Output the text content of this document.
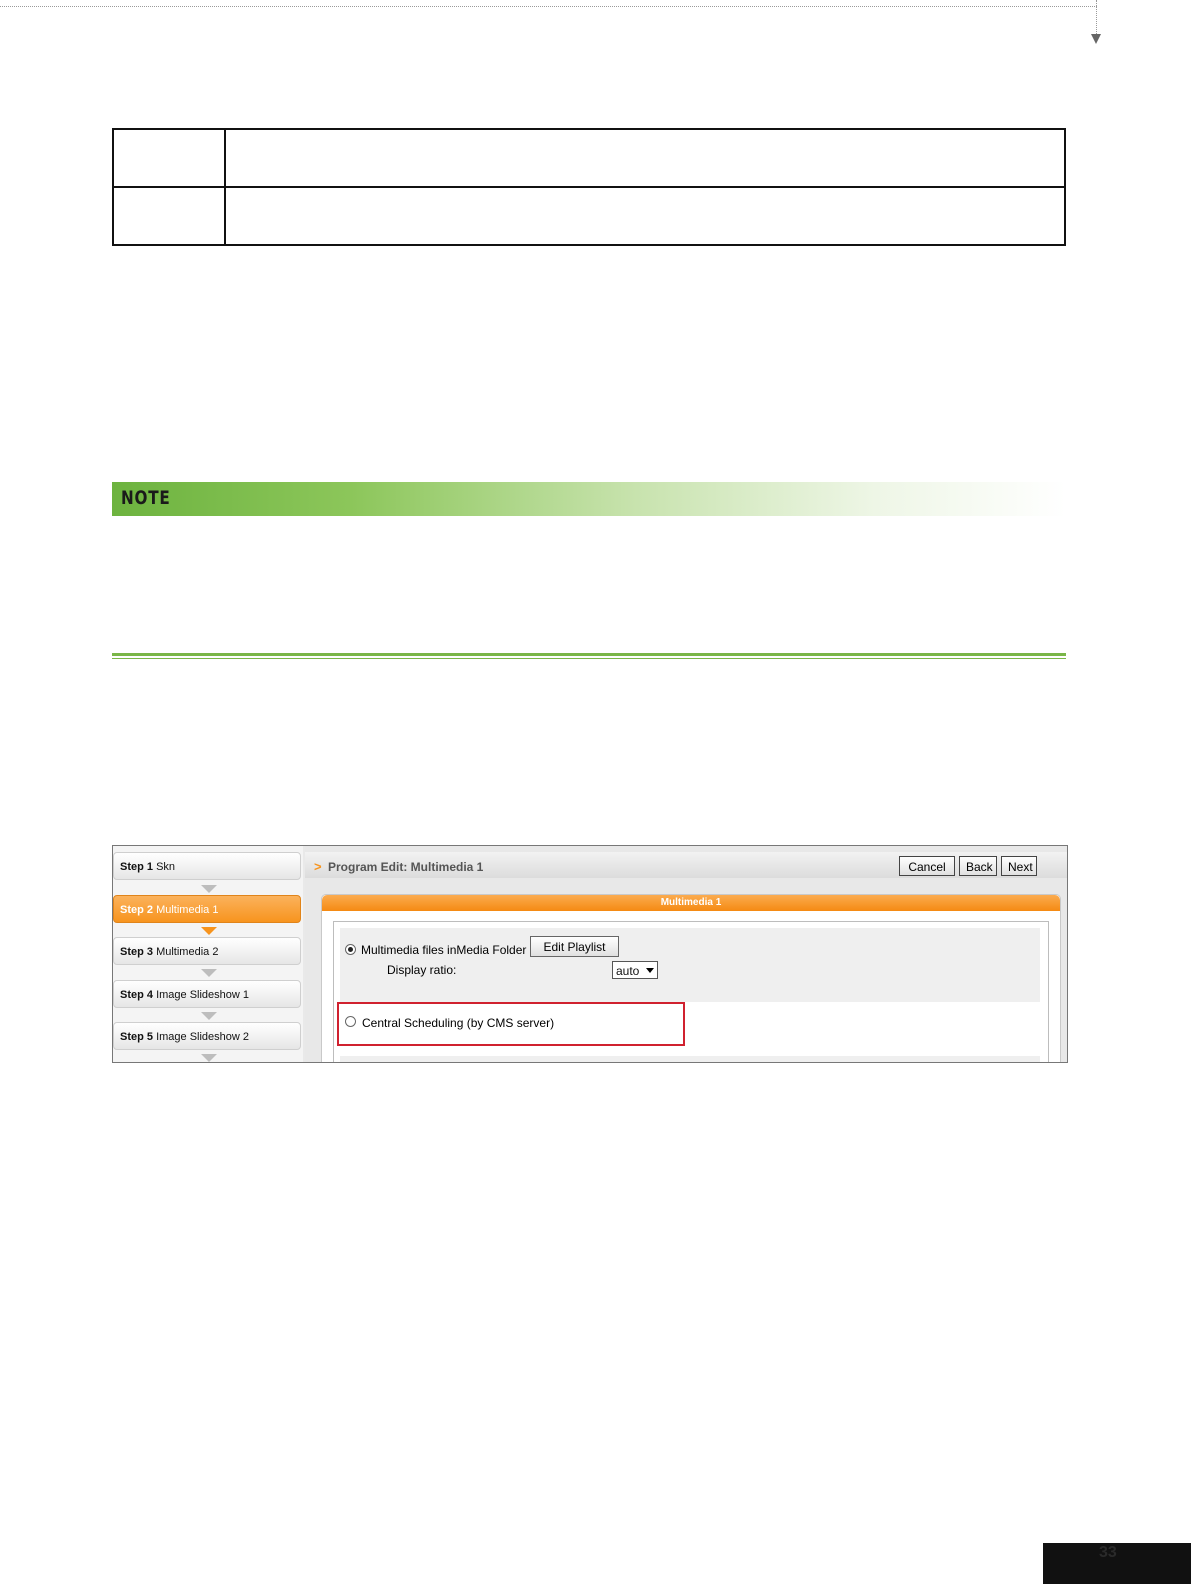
NOTE
Step 1 Skn
Step 2 Multimedia 1
Step 3 Multimedia 2
Step 4 Image Slideshow 1
Step 5 Image Slideshow 2
> Program Edit: Multimedia 1	Cancel	Back	Next
Multimedia 1
Multimedia files inMedia Folder	Edit Playlist
Display ratio:	auto
Central Scheduling (by CMS server)
33
